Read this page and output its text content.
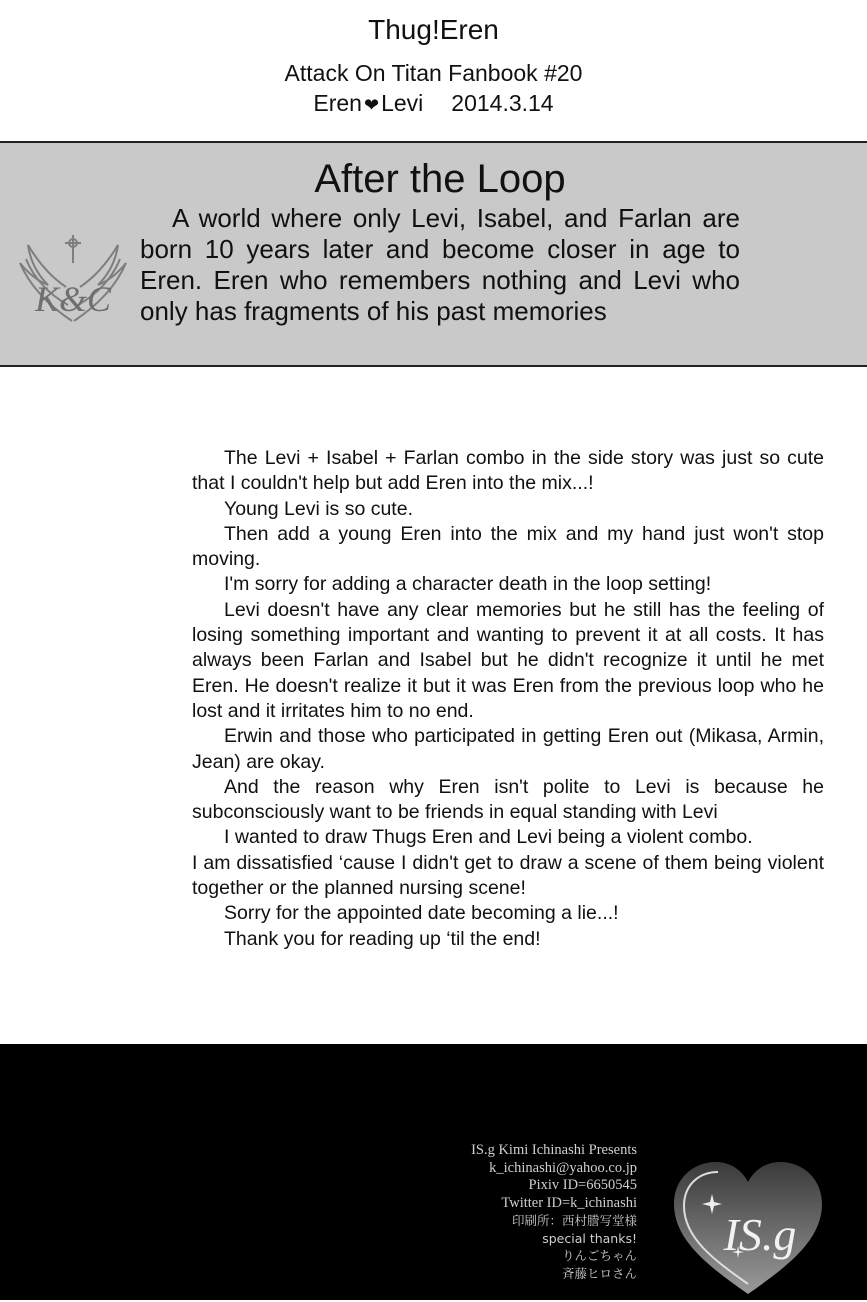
Thug!Eren
Attack On Titan Fanbook #20
Eren ❤Levi 2014.3.14
K&C
After the Loop

A world where only Levi, Isabel, and Farlan are born 10 years later and become closer in age to Eren. Eren who remembers nothing and Levi who only has fragments of his past memories

The Levi + Isabel + Farlan combo in the side story was just so cute that I couldn't help but add Eren into the mix...!

Young Levi is so cute.

Then add a young Eren into the mix and my hand just won't stop moving.

I'm sorry for adding a character death in the loop setting!

Levi doesn't have any clear memories but he still has the feeling of losing something important and wanting to prevent it at all costs. It has always been Farlan and Isabel but he didn't recognize it until he met Eren. He doesn't realize it but it was Eren from the previous loop who he lost and it irritates him to no end.

Erwin and those who participated in getting Eren out (Mikasa, Armin, Jean) are okay.

And the reason why Eren isn't polite to Levi is because he subconsciously want to be friends in equal standing with Levi

I wanted to draw Thugs Eren and Levi being a violent combo.

I am dissatisfied ‘cause I didn't get to draw a scene of them being violent together or the planned nursing scene!

Sorry for the appointed date becoming a lie...!

Thank you for reading up ‘til the end!

IS.g Kimi Ichinashi Presents
k_ichinashi@yahoo.co.jp
Pixiv ID=6650545
Twitter ID=k_ichinashi
印刷所：西村謄写堂様
special thanks!
りんごちゃん
斉藤ヒロさん
IS.g
